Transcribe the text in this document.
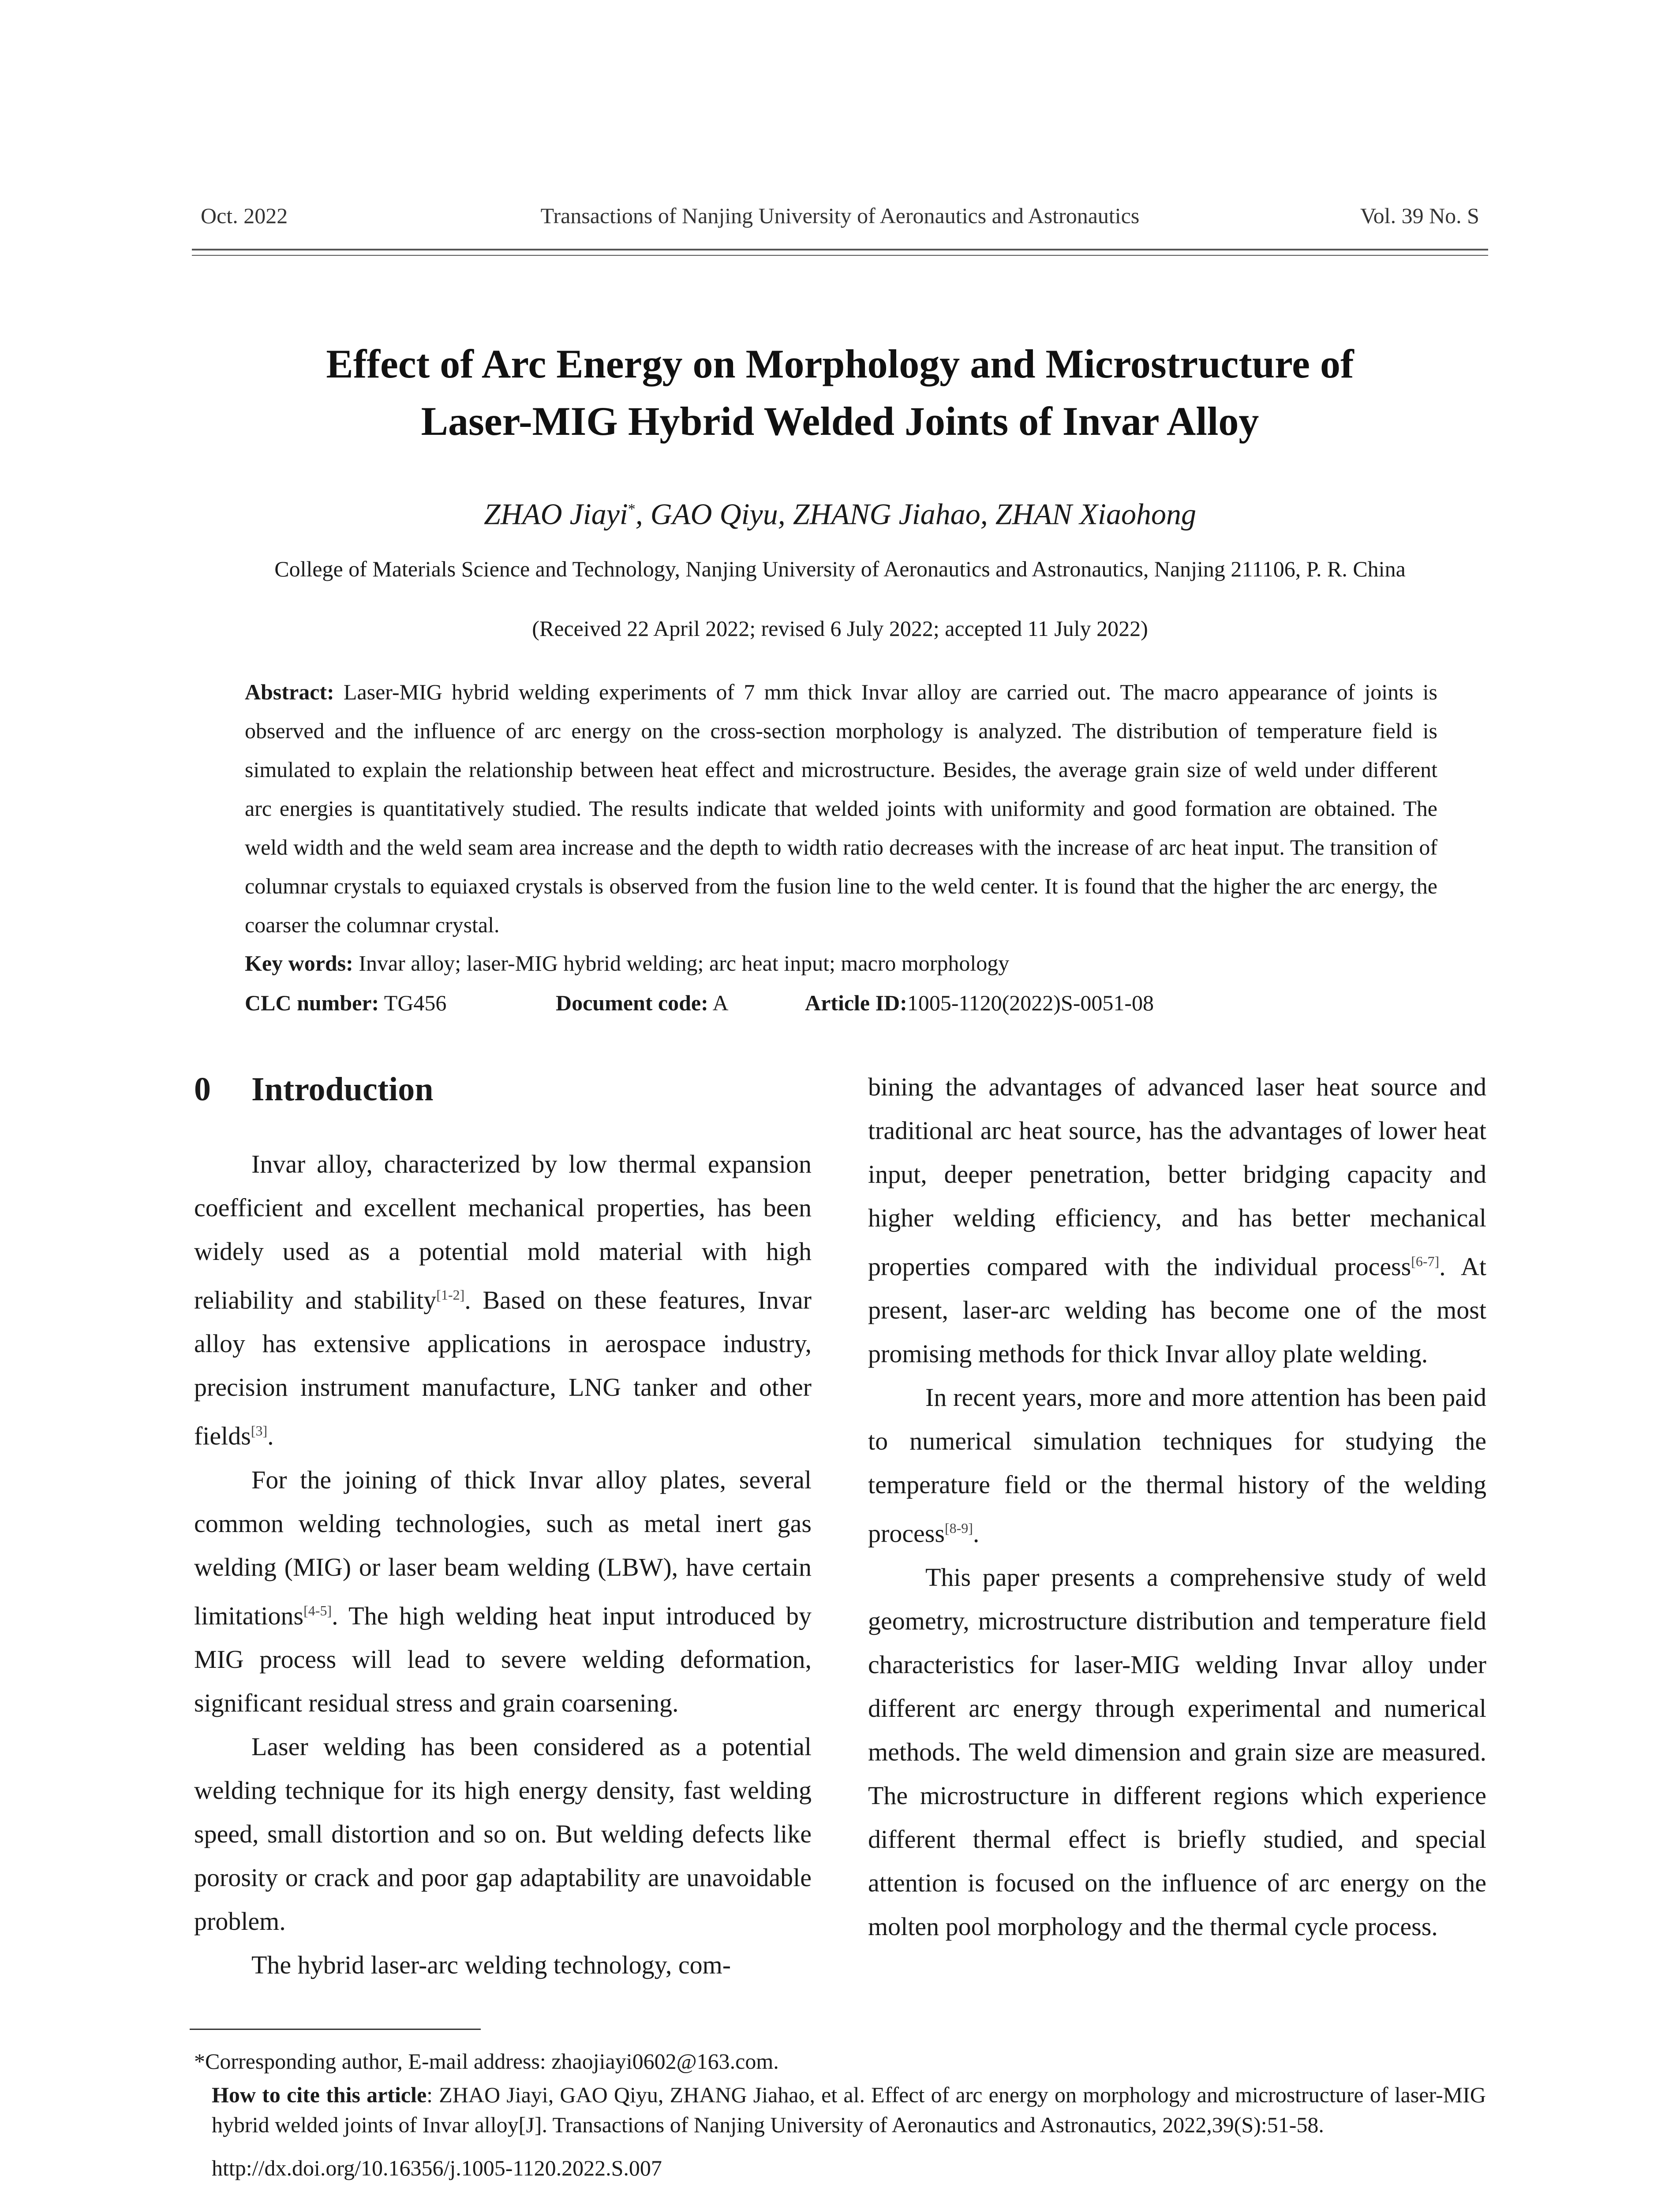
Oct. 2022	Transactions of Nanjing University of Aeronautics and Astronautics	Vol. 39 No. S
Effect of Arc Energy on Morphology and Microstructure of
Laser-MIG Hybrid Welded Joints of Invar Alloy
ZHAO Jiayi*, GAO Qiyu, ZHANG Jiahao, ZHAN Xiaohong
College of Materials Science and Technology, Nanjing University of Aeronautics and Astronautics, Nanjing 211106, P. R. China
(Received 22 April 2022; revised 6 July 2022; accepted 11 July 2022)
Abstract: Laser-MIG hybrid welding experiments of 7 mm thick Invar alloy are carried out. The macro appearance of joints is observed and the influence of arc energy on the cross-section morphology is analyzed. The distribution of temperature field is simulated to explain the relationship between heat effect and microstructure. Besides, the average grain size of weld under different arc energies is quantitatively studied. The results indicate that welded joints with uniformity and good formation are obtained. The weld width and the weld seam area increase and the depth to width ratio decreases with the increase of arc heat input. The transition of columnar crystals to equiaxed crystals is observed from the fusion line to the weld center. It is found that the higher the arc energy, the coarser the columnar crystal.
Key words: Invar alloy; laser-MIG hybrid welding; arc heat input; macro morphology
CLC number: TG456	Document code: A	Article ID:1005-1120(2022)S-0051-08
0 Introduction

Invar alloy, characterized by low thermal expansion coefficient and excellent mechanical properties, has been widely used as a potential mold material with high reliability and stability[1-2]. Based on these features, Invar alloy has extensive applications in aerospace industry, precision instrument manufacture, LNG tanker and other fields[3].

For the joining of thick Invar alloy plates, several common welding technologies, such as metal inert gas welding (MIG) or laser beam welding (LBW), have certain limitations[4-5]. The high welding heat input introduced by MIG process will lead to severe welding deformation, significant residual stress and grain coarsening.

Laser welding has been considered as a potential welding technique for its high energy density, fast welding speed, small distortion and so on. But welding defects like porosity or crack and poor gap adaptability are unavoidable problem.

The hybrid laser-arc welding technology, com-

bining the advantages of advanced laser heat source and traditional arc heat source, has the advantages of lower heat input, deeper penetration, better bridging capacity and higher welding efficiency, and has better mechanical properties compared with the individual process[6-7]. At present, laser-arc welding has become one of the most promising methods for thick Invar alloy plate welding.

In recent years, more and more attention has been paid to numerical simulation techniques for studying the temperature field or the thermal history of the welding process[8-9].

This paper presents a comprehensive study of weld geometry, microstructure distribution and temperature field characteristics for laser-MIG welding Invar alloy under different arc energy through experimental and numerical methods. The weld dimension and grain size are measured. The microstructure in different regions which experience different thermal effect is briefly studied, and special attention is focused on the influence of arc energy on the molten pool morphology and the thermal cycle process.

*Corresponding author, E-mail address: zhaojiayi0602@163.com.
How to cite this article: ZHAO Jiayi, GAO Qiyu, ZHANG Jiahao, et al. Effect of arc energy on morphology and microstructure of laser-MIG hybrid welded joints of Invar alloy[J]. Transactions of Nanjing University of Aeronautics and Astronautics, 2022,39(S):51-58.
http://dx.doi.org/10.16356/j.1005-1120.2022.S.007
